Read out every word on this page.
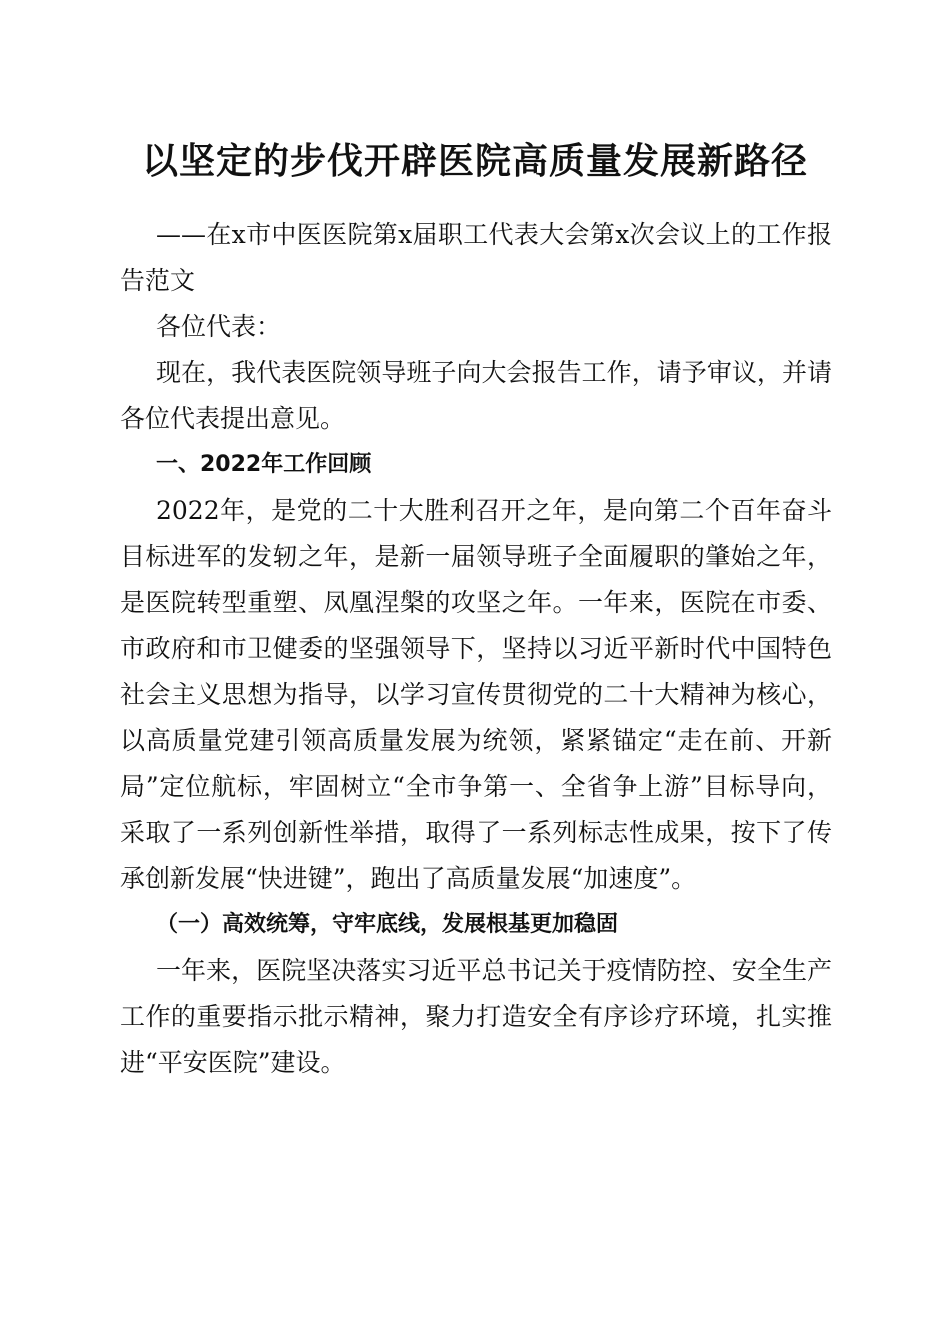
以坚定的步伐开辟医院高质量发展新路径

——在x市中医医院第x届职工代表大会第x次会议上的工作报告范文

各位代表：

现在，我代表医院领导班子向大会报告工作，请予审议，并请各位代表提出意见。

一、2022年工作回顾

2022年，是党的二十大胜利召开之年，是向第二个百年奋斗目标进军的发轫之年，是新一届领导班子全面履职的肇始之年，是医院转型重塑、凤凰涅槃的攻坚之年。一年来，医院在市委、市政府和市卫健委的坚强领导下，坚持以习近平新时代中国特色社会主义思想为指导，以学习宣传贯彻党的二十大精神为核心，以高质量党建引领高质量发展为统领，紧紧锚定“走在前、开新局”定位航标，牢固树立“全市争第一、全省争上游”目标导向，采取了一系列创新性举措，取得了一系列标志性成果，按下了传承创新发展“快进键”，跑出了高质量发展“加速度”。

（一）高效统筹，守牢底线，发展根基更加稳固

一年来，医院坚决落实习近平总书记关于疫情防控、安全生产工作的重要指示批示精神，聚力打造安全有序诊疗环境，扎实推进“平安医院”建设。
